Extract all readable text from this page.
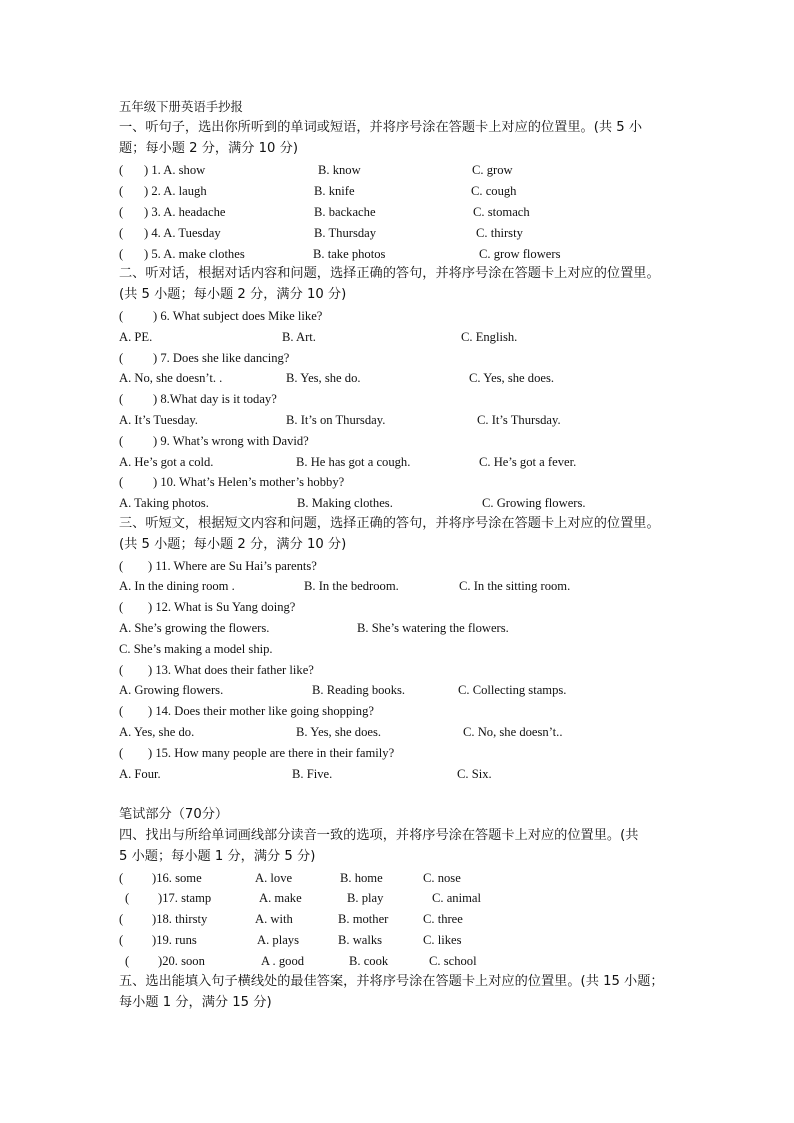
五年级下册英语手抄报
一、听句子，选出你所听到的单词或短语，并将序号涂在答题卡上对应的位置里。(共 5 小
题；每小题 2 分，满分 10 分)
( ) 1. A. show	B. know	C. grow
( ) 2. A. laugh	B. knife	C. cough
( ) 3. A. headache	B. backache	C. stomach
( ) 4. A. Tuesday	B. Thursday	C. thirsty
( ) 5. A. make clothes	B. take photos	C. grow flowers
二、听对话，根据对话内容和问题，选择正确的答句，并将序号涂在答题卡上对应的位置里。
(共 5 小题；每小题 2 分，满分 10 分)
( ) 6. What subject does Mike like?
A. PE.	B. Art.	C. English.
( ) 7. Does she like dancing?
A. No, she doesn’t. .	B. Yes, she do.	C. Yes, she does.
( ) 8.What day is it today?
A. It’s Tuesday.	B. It’s on Thursday.	C. It’s Thursday.
( ) 9. What’s wrong with David?
A. He’s got a cold.	B. He has got a cough.	C. He’s got a fever.
( ) 10. What’s Helen’s mother’s hobby?
A. Taking photos.	B. Making clothes.	C. Growing flowers.
三、听短文，根据短文内容和问题，选择正确的答句，并将序号涂在答题卡上对应的位置里。
(共 5 小题；每小题 2 分，满分 10 分)
( ) 11. Where are Su Hai’s parents?
A. In the dining room .	B. In the bedroom.	C. In the sitting room.
( ) 12. What is Su Yang doing?
A. She’s growing the flowers.	B. She’s watering the flowers.
C. She’s making a model ship.
( ) 13. What does their father like?
A. Growing flowers.	B. Reading books.	C. Collecting stamps.
( ) 14. Does their mother like going shopping?
A. Yes, she do.	B. Yes, she does.	C. No, she doesn’t..
( ) 15. How many people are there in their family?
A. Four.	B. Five.	C. Six.
笔试部分（70分）
四、找出与所给单词画线部分读音一致的选项，并将序号涂在答题卡上对应的位置里。(共
5 小题；每小题 1 分，满分 5 分)
( )16. some	A. love	B. home	C. nose
( )17. stamp	A. make	B. play	C. animal
( )18. thirsty	A. with	B. mother	C. three
( )19. runs	A. plays	B. walks	C. likes
( )20. soon	A . good	B. cook	C. school
五、选出能填入句子横线处的最佳答案，并将序号涂在答题卡上对应的位置里。(共 15 小题；
每小题 1 分，满分 15 分)
